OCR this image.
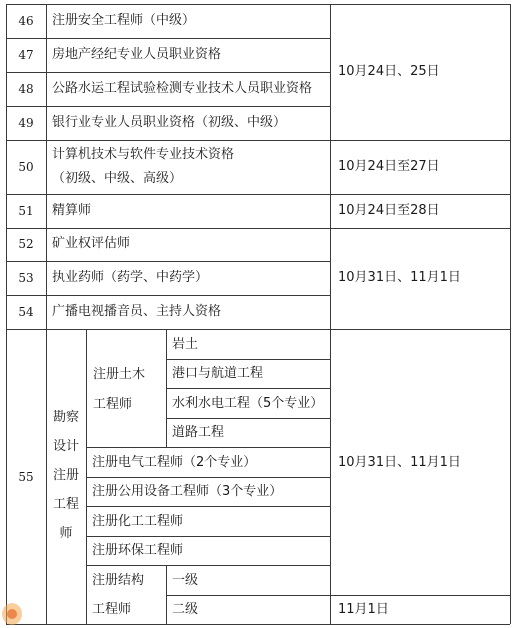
46
47
48
49
50
51
52
53
54
55
注册安全工程师（中级）
房地产经纪专业人员职业资格
公路水运工程试验检测专业技术人员职业资格
银行业专业人员职业资格（初级、中级）
计算机技术与软件专业技术资格
（初级、中级、高级）
精算师
矿业权评估师
执业药师（药学、中药学）
广播电视播音员、主持人资格
勘察
设计
注册
工程
师
注册土木
工程师
岩土
港口与航道工程
水利水电工程（5个专业）
道路工程
注册电气工程师（2个专业）
注册公用设备工程师（3个专业）
注册化工工程师
注册环保工程师
注册结构
工程师
一级
二级
10月24日、25日
10月24日至27日
10月24日至28日
10月31日、11月1日
10月31日、11月1日
11月1日
